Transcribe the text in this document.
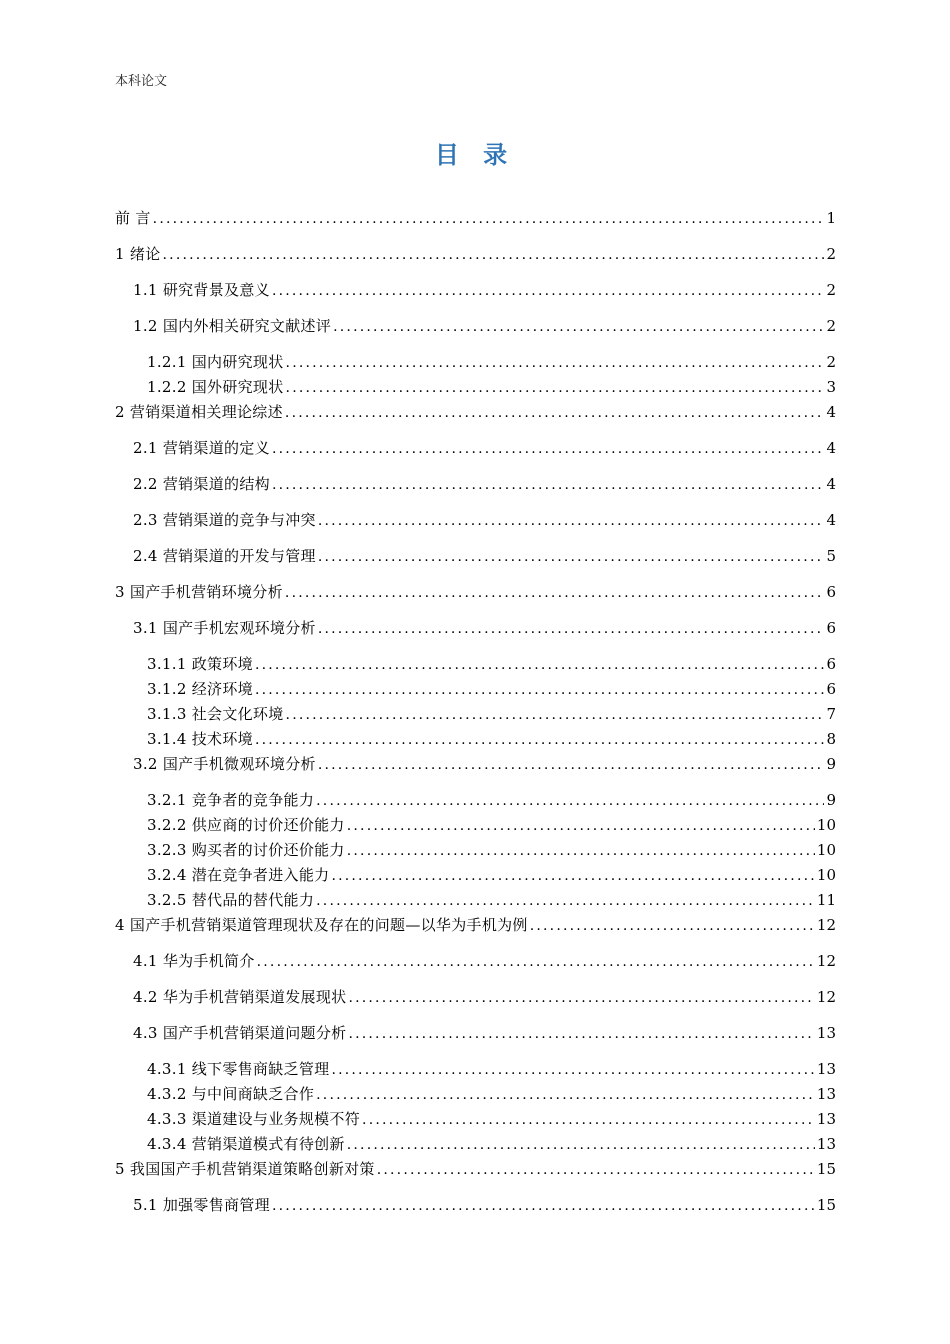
本科论文
目 录
前 言 .....	1
1 绪论 .....	2
1.1 研究背景及意义 .....	2
1.2 国内外相关研究文献述评 .....	2
1.2.1 国内研究现状 .....	2
1.2.2 国外研究现状 .....	3
2 营销渠道相关理论综述 .....	4
2.1 营销渠道的定义 .....	4
2.2 营销渠道的结构 .....	4
2.3 营销渠道的竞争与冲突 .....	4
2.4 营销渠道的开发与管理 .....	5
3 国产手机营销环境分析 .....	6
3.1 国产手机宏观环境分析 .....	6
3.1.1 政策环境 .....	6
3.1.2 经济环境 .....	6
3.1.3 社会文化环境 .....	7
3.1.4 技术环境 .....	8
3.2 国产手机微观环境分析 .....	9
3.2.1 竞争者的竞争能力 .....	9
3.2.2 供应商的讨价还价能力 .....	10
3.2.3 购买者的讨价还价能力 .....	10
3.2.4 潜在竞争者进入能力 .....	10
3.2.5 替代品的替代能力 .....	11
4 国产手机营销渠道管理现状及存在的问题—以华为手机为例 .....	12
4.1 华为手机简介 .....	12
4.2 华为手机营销渠道发展现状 .....	12
4.3 国产手机营销渠道问题分析 .....	13
4.3.1 线下零售商缺乏管理 .....	13
4.3.2 与中间商缺乏合作 .....	13
4.3.3 渠道建设与业务规模不符 .....	13
4.3.4 营销渠道模式有待创新 .....	13
5 我国国产手机营销渠道策略创新对策 .....	15
5.1 加强零售商管理 .....	15
